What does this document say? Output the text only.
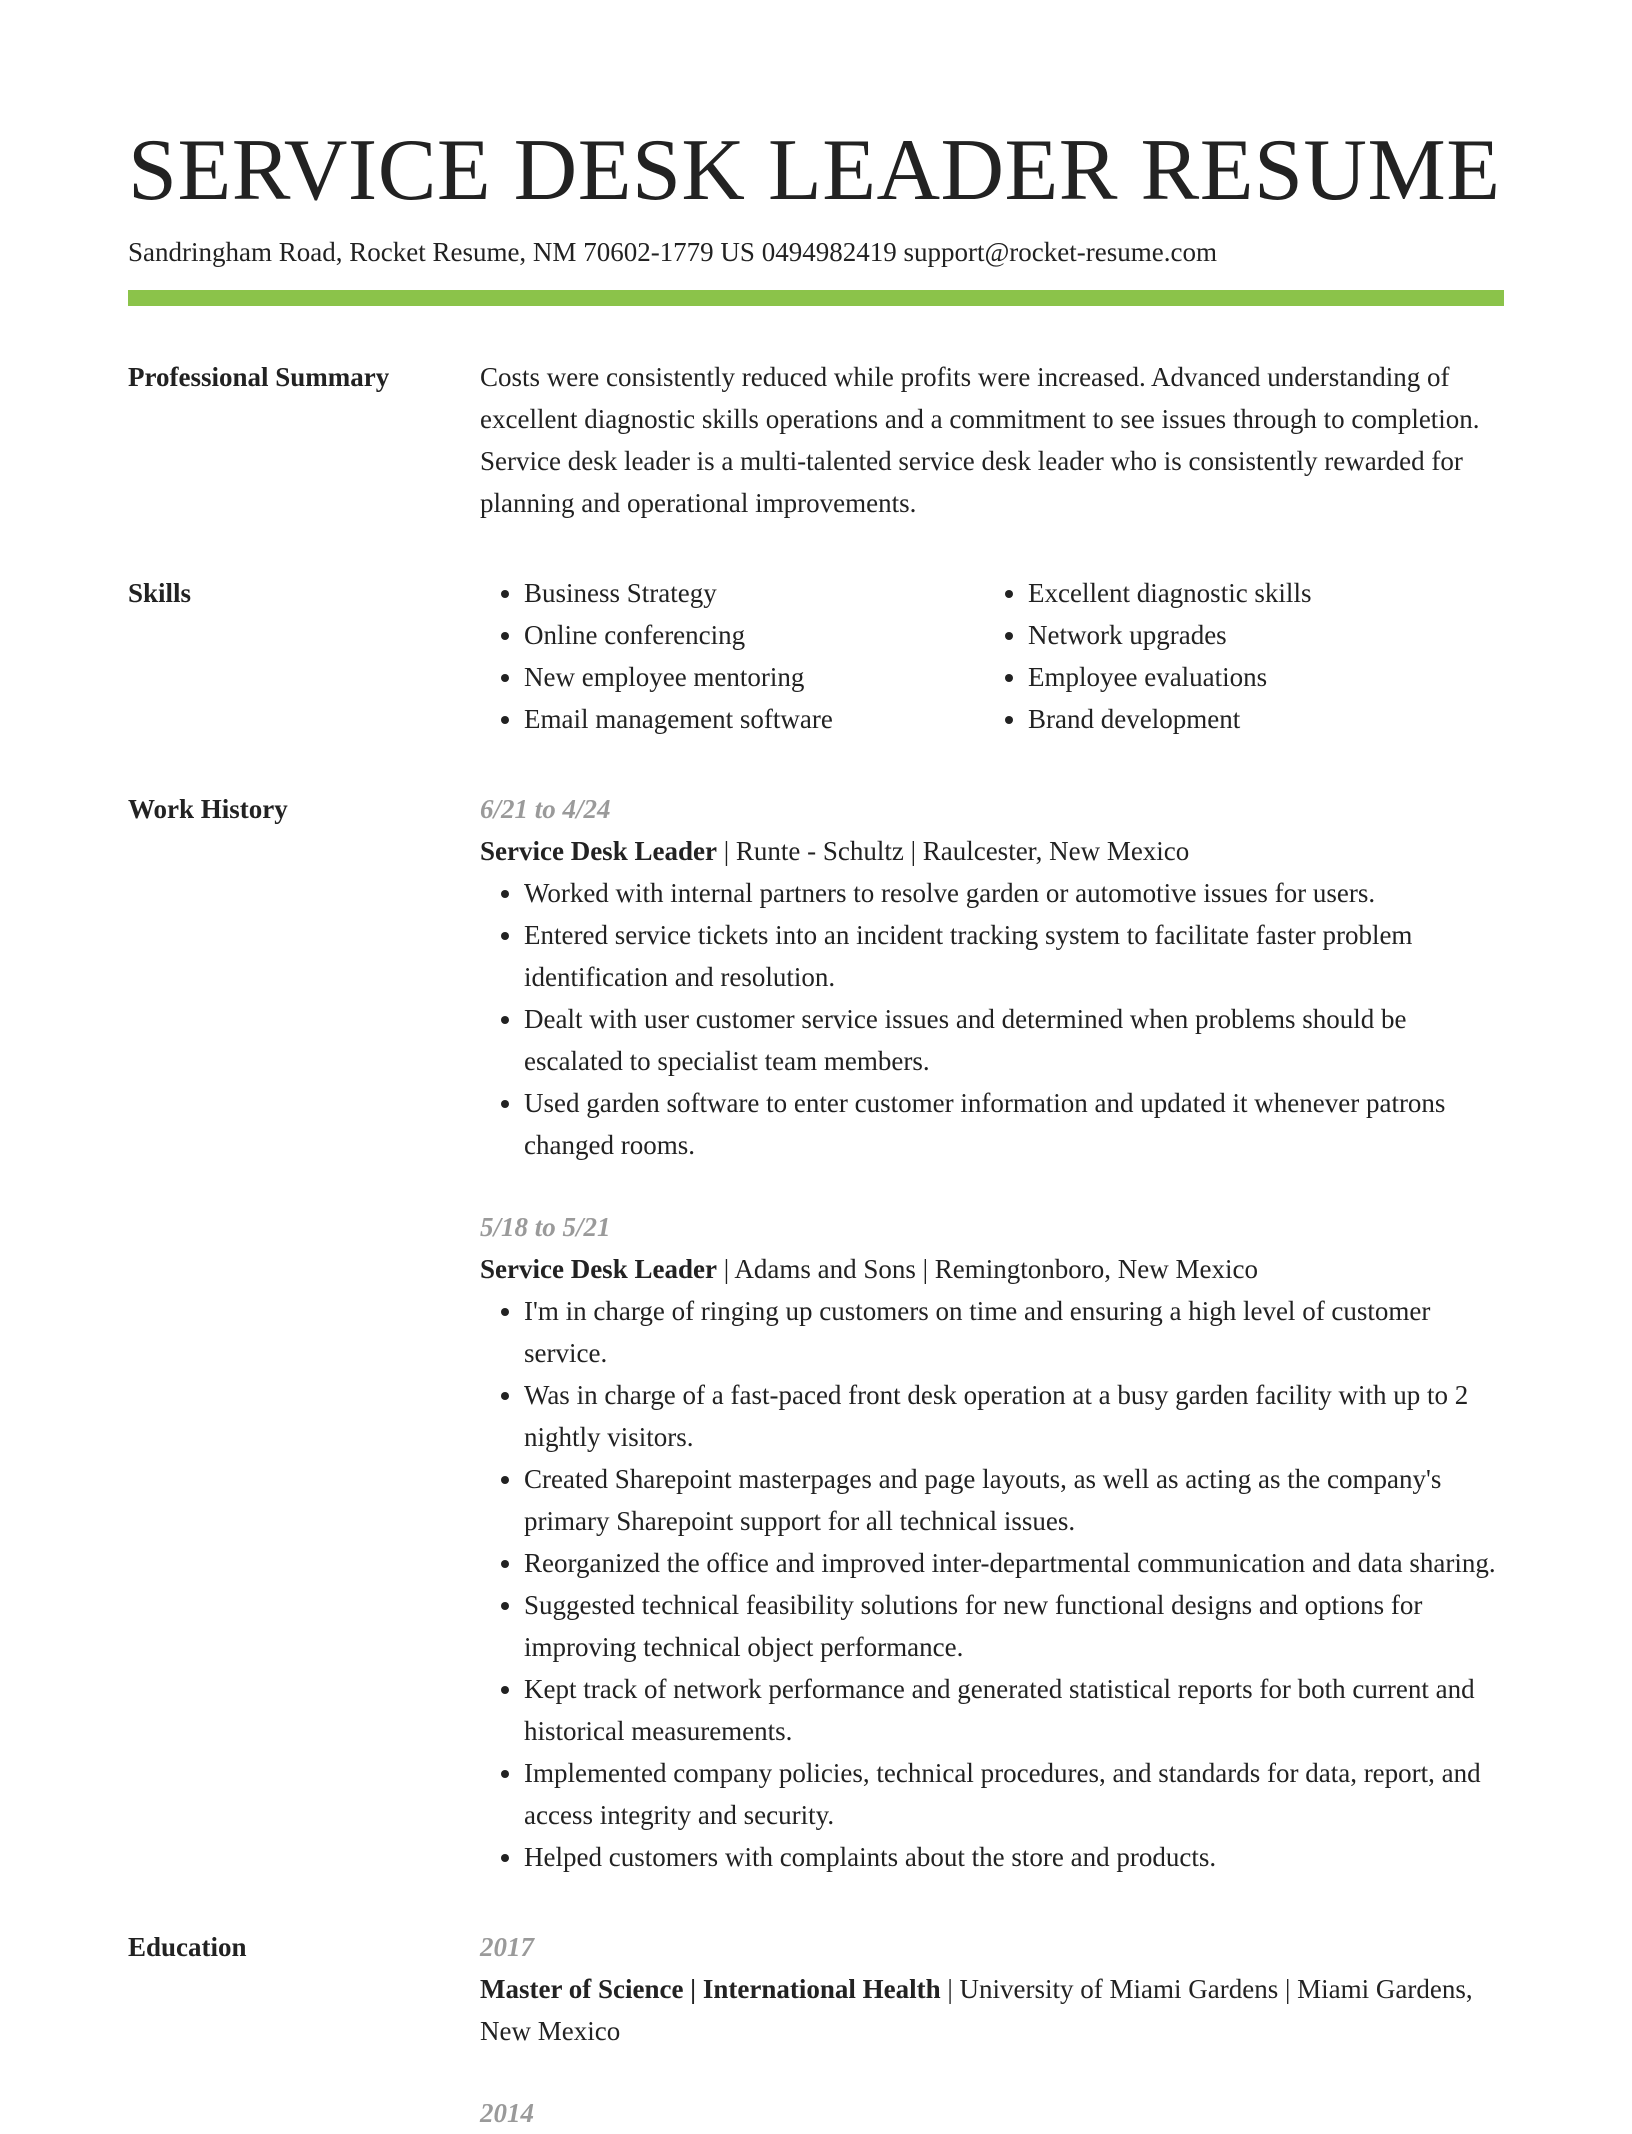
SERVICE DESK LEADER RESUME
Sandringham Road, Rocket Resume, NM 70602-1779 US 0494982419 support@rocket-resume.com
Professional Summary	Costs were consistently reduced while profits were increased. Advanced understanding of excellent diagnostic skills operations and a commitment to see issues through to completion. Service desk leader is a multi-talented service desk leader who is consistently rewarded for planning and operational improvements.

Skills
•	Business Strategy
• Online conferencing
• New employee mentoring
• Email management software
• Excellent diagnostic skills
• Network upgrades
• Employee evaluations
• Brand development
Work History	6/21 to 4/24
Service Desk Leader | Runte - Schultz | Raulcester, New Mexico
• Worked with internal partners to resolve garden or automotive issues for users.
• Entered service tickets into an incident tracking system to facilitate faster problem identification and resolution.
• Dealt with user customer service issues and determined when problems should be escalated to specialist team members.
• Used garden software to enter customer information and updated it whenever patrons changed rooms.
5/18 to 5/21
Service Desk Leader | Adams and Sons | Remingtonboro, New Mexico
• I'm in charge of ringing up customers on time and ensuring a high level of customer service.
• Was in charge of a fast-paced front desk operation at a busy garden facility with up to 2 nightly visitors.
• Created Sharepoint masterpages and page layouts, as well as acting as the company's primary Sharepoint support for all technical issues.
• Reorganized the office and improved inter-departmental communication and data sharing.
• Suggested technical feasibility solutions for new functional designs and options for improving technical object performance.
• Kept track of network performance and generated statistical reports for both current and historical measurements.
• Implemented company policies, technical procedures, and standards for data, report, and access integrity and security.
• Helped customers with complaints about the store and products.
Education	2017
Master of Science | International Health | University of Miami Gardens | Miami Gardens, New Mexico
2014
